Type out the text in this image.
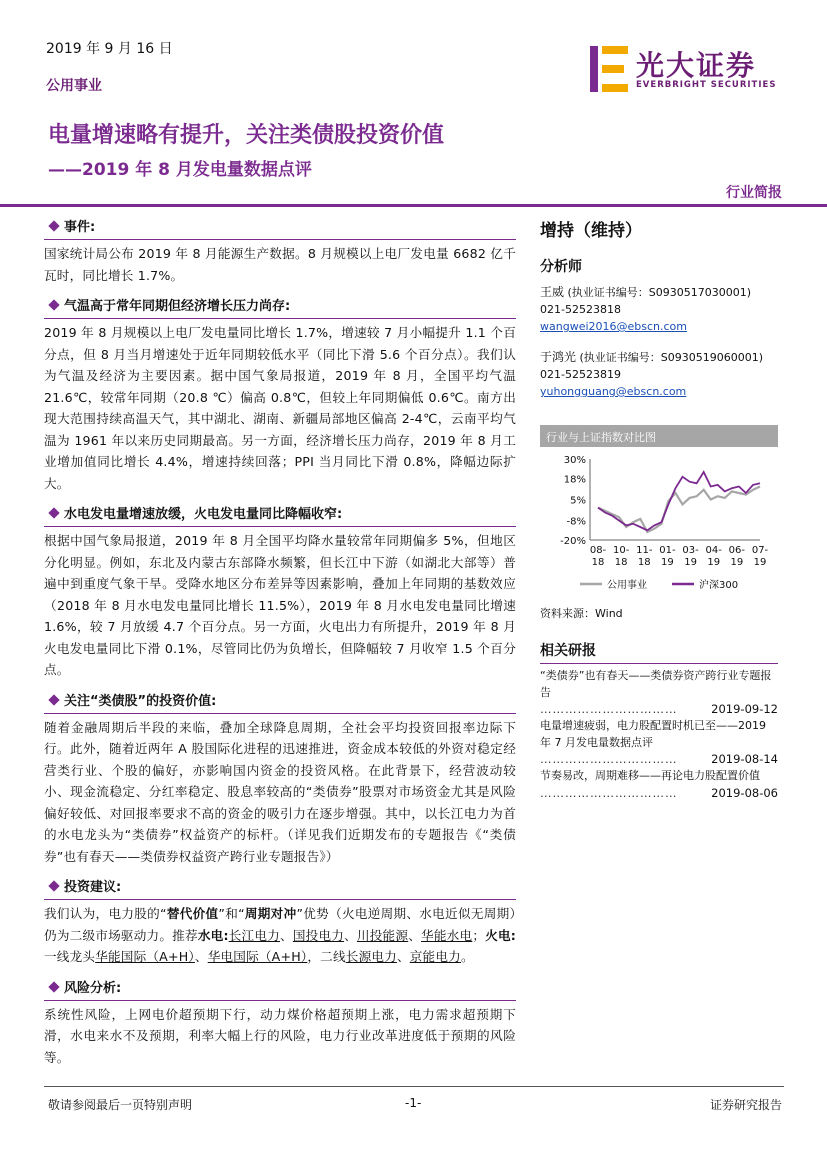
2019 年 9 月 16 日
公用事业
光大证券
EVERBRIGHT SECURITIES
电量增速略有提升，关注类债股投资价值
——2019 年 8 月发电量数据点评
行业简报
事件:
国家统计局公布 2019 年 8 月能源生产数据。8 月规模以上电厂发电量 6682 亿千瓦时，同比增长 1.7%。
气温高于常年同期但经济增长压力尚存:
2019 年 8 月规模以上电厂发电量同比增长 1.7%，增速较 7 月小幅提升 1.1 个百分点，但 8 月当月增速处于近年同期较低水平（同比下滑 5.6 个百分点）。我们认为气温及经济为主要因素。据中国气象局报道，2019 年 8 月，全国平均气温 21.6℃，较常年同期（20.8 ℃）偏高 0.8℃，但较上年同期偏低 0.6℃。南方出现大范围持续高温天气，其中湖北、湖南、新疆局部地区偏高 2-4℃，云南平均气温为 1961 年以来历史同期最高。另一方面，经济增长压力尚存，2019 年 8 月工业增加值同比增长 4.4%，增速持续回落；PPI 当月同比下滑 0.8%，降幅边际扩大。
水电发电量增速放缓，火电发电量同比降幅收窄:
根据中国气象局报道，2019 年 8 月全国平均降水量较常年同期偏多 5%，但地区分化明显。例如，东北及内蒙古东部降水频繁，但长江中下游（如湖北大部等）普遍中到重度气象干旱。受降水地区分布差异等因素影响，叠加上年同期的基数效应（2018 年 8 月水电发电量同比增长 11.5%），2019 年 8 月水电发电量同比增速 1.6%，较 7 月放缓 4.7 个百分点。另一方面，火电出力有所提升，2019 年 8 月火电发电量同比下滑 0.1%，尽管同比仍为负增长，但降幅较 7 月收窄 1.5 个百分点。
关注“类债股”的投资价值:
随着金融周期后半段的来临，叠加全球降息周期，全社会平均投资回报率边际下行。此外，随着近两年 A 股国际化进程的迅速推进，资金成本较低的外资对稳定经营类行业、个股的偏好，亦影响国内资金的投资风格。在此背景下，经营波动较小、现金流稳定、分红率稳定、股息率较高的“类债券”股票对市场资金尤其是风险偏好较低、对回报率要求不高的资金的吸引力在逐步增强。其中，以长江电力为首的水电龙头为“类债券”权益资产的标杆。（详见我们近期发布的专题报告《“类债券”也有春天——类债券权益资产跨行业专题报告》）
投资建议:
我们认为，电力股的“替代价值”和“周期对冲”优势（火电逆周期、水电近似无周期）仍为二级市场驱动力。推荐水电:长江电力、国投电力、川投能源、华能水电；火电:一线龙头华能国际（A+H）、华电国际（A+H），二线长源电力、京能电力。
风险分析:
系统性风险，上网电价超预期下行，动力煤价格超预期上涨，电力需求超预期下滑，水电来水不及预期，利率大幅上行的风险，电力行业改革进度低于预期的风险等。
增持（维持）
分析师
王威 (执业证书编号：S0930517030001)
021-52523818
wangwei2016@ebscn.com
于鸿光 (执业证书编号：S0930519060001)
021-52523819
yuhongguang@ebscn.com
行业与上证指数对比图
30%
18%
5%
-8%
-20%
08-
18
10-
18
11-
18
01-
19
03-
19
04-
19
06-
19
07-
19
公用事业	沪深300
资料来源：Wind
相关研报
“类债券”也有春天——类债券资产跨行业专题报告
……………………………	2019-09-12
电量增速疲弱，电力股配置时机已至——2019 年 7 月发电量数据点评
……………………………	2019-08-14
节奏易改，周期难移——再论电力股配置价值
……………………………	2019-08-06
敬请参阅最后一页特别声明	-1-	证券研究报告
